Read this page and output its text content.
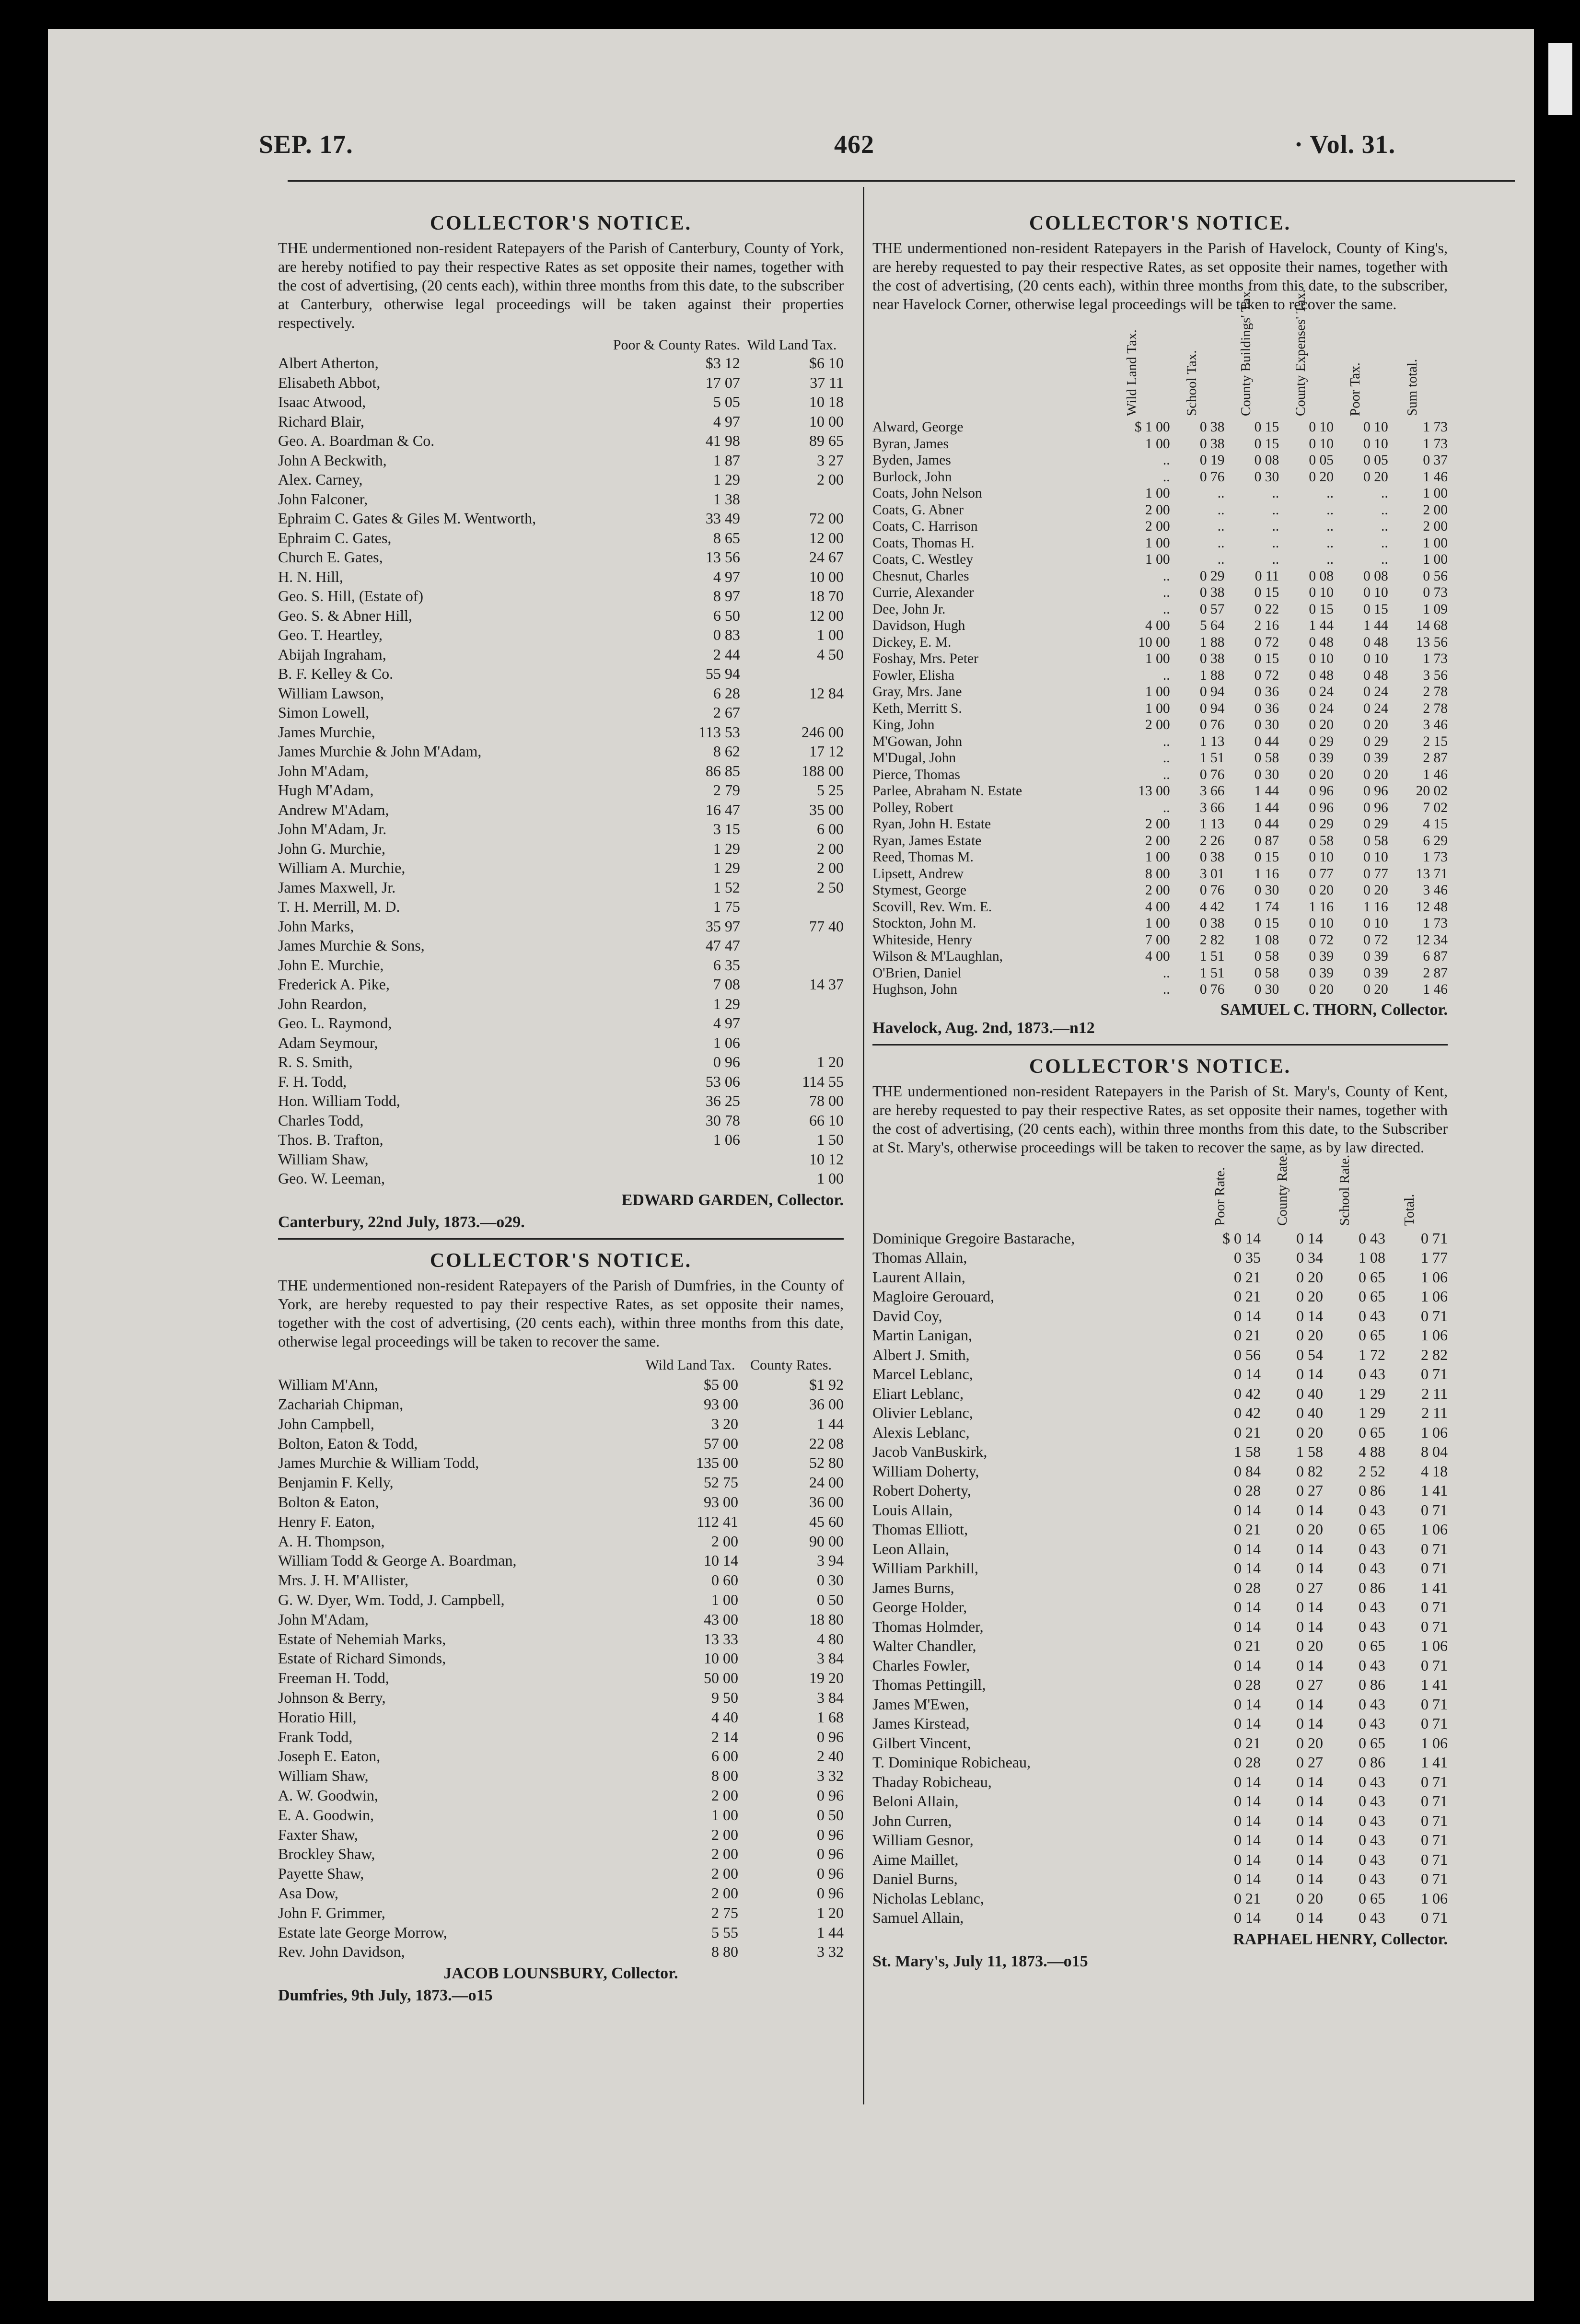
SEP. 17.	462	· Vol. 31.
COLLECTOR'S NOTICE.

THE undermentioned non-resident Ratepayers of the Parish of Canterbury, County of York, are hereby notified to pay their respective Rates as set opposite their names, together with the cost of advertising, (20 cents each), within three months from this date, to the subscriber at Canterbury, otherwise legal proceedings will be taken against their properties respectively.

	Poor & County Rates.	Wild Land Tax.
Albert Atherton,	$3 12	$6 10
Elisabeth Abbot,	17 07	37 11
Isaac Atwood,	5 05	10 18
Richard Blair,	4 97	10 00
Geo. A. Boardman & Co.	41 98	89 65
John A Beckwith,	1 87	3 27
Alex. Carney,	1 29	2 00
John Falconer,	1 38	
Ephraim C. Gates & Giles M. Wentworth,	33 49	72 00
Ephraim C. Gates,	8 65	12 00
Church E. Gates,	13 56	24 67
H. N. Hill,	4 97	10 00
Geo. S. Hill, (Estate of)	8 97	18 70
Geo. S. & Abner Hill,	6 50	12 00
Geo. T. Heartley,	0 83	1 00
Abijah Ingraham,	2 44	4 50
B. F. Kelley & Co.	55 94	
William Lawson,	6 28	12 84
Simon Lowell,	2 67	
James Murchie,	113 53	246 00
James Murchie & John M'Adam,	8 62	17 12
John M'Adam,	86 85	188 00
Hugh M'Adam,	2 79	5 25
Andrew M'Adam,	16 47	35 00
John M'Adam, Jr.	3 15	6 00
John G. Murchie,	1 29	2 00
William A. Murchie,	1 29	2 00
James Maxwell, Jr.	1 52	2 50
T. H. Merrill, M. D.	1 75	
John Marks,	35 97	77 40
James Murchie & Sons,	47 47	
John E. Murchie,	6 35	
Frederick A. Pike,	7 08	14 37
John Reardon,	1 29	
Geo. L. Raymond,	4 97	
Adam Seymour,	1 06	
R. S. Smith,	0 96	1 20
F. H. Todd,	53 06	114 55
Hon. William Todd,	36 25	78 00
Charles Todd,	30 78	66 10
Thos. B. Trafton,	1 06	1 50
William Shaw,		10 12
Geo. W. Leeman,		1 00

EDWARD GARDEN, Collector.

Canterbury, 22nd July, 1873.—o29.

COLLECTOR'S NOTICE.

THE undermentioned non-resident Ratepayers of the Parish of Dumfries, in the County of York, are hereby requested to pay their respective Rates, as set opposite their names, together with the cost of advertising, (20 cents each), within three months from this date, otherwise legal proceedings will be taken to recover the same.

	Wild Land Tax.	County Rates.
William M'Ann,	$5 00	$1 92
Zachariah Chipman,	93 00	36 00
John Campbell,	3 20	1 44
Bolton, Eaton & Todd,	57 00	22 08
James Murchie & William Todd,	135 00	52 80
Benjamin F. Kelly,	52 75	24 00
Bolton & Eaton,	93 00	36 00
Henry F. Eaton,	112 41	45 60
A. H. Thompson,	2 00	90 00
William Todd & George A. Boardman,	10 14	3 94
Mrs. J. H. M'Allister,	0 60	0 30
G. W. Dyer, Wm. Todd, J. Campbell,	1 00	0 50
John M'Adam,	43 00	18 80
Estate of Nehemiah Marks,	13 33	4 80
Estate of Richard Simonds,	10 00	3 84
Freeman H. Todd,	50 00	19 20
Johnson & Berry,	9 50	3 84
Horatio Hill,	4 40	1 68
Frank Todd,	2 14	0 96
Joseph E. Eaton,	6 00	2 40
William Shaw,	8 00	3 32
A. W. Goodwin,	2 00	0 96
E. A. Goodwin,	1 00	0 50
Faxter Shaw,	2 00	0 96
Brockley Shaw,	2 00	0 96
Payette Shaw,	2 00	0 96
Asa Dow,	2 00	0 96
John F. Grimmer,	2 75	1 20
Estate late George Morrow,	5 55	1 44
Rev. John Davidson,	8 80	3 32

JACOB LOUNSBURY, Collector.

Dumfries, 9th July, 1873.—o15

COLLECTOR'S NOTICE.

THE undermentioned non-resident Ratepayers in the Parish of Havelock, County of King's, are hereby requested to pay their respective Rates, as set opposite their names, together with the cost of advertising, (20 cents each), within three months from this date, to the subscriber, near Havelock Corner, otherwise legal proceedings will be taken to recover the same.

	Wild Land Tax.	School Tax.	County Buildings' Tax.	County Expenses' Tax.	Poor Tax.	Sum total.

Alward, George	$ 1 00	0 38	0 15	0 10	0 10	1 73
Byran, James	1 00	0 38	0 15	0 10	0 10	1 73
Byden, James	..	0 19	0 08	0 05	0 05	0 37
Burlock, John	..	0 76	0 30	0 20	0 20	1 46
Coats, John Nelson	1 00	..	..	..	..	1 00
Coats, G. Abner	2 00	..	..	..	..	2 00
Coats, C. Harrison	2 00	..	..	..	..	2 00
Coats, Thomas H.	1 00	..	..	..	..	1 00
Coats, C. Westley	1 00	..	..	..	..	1 00
Chesnut, Charles	..	0 29	0 11	0 08	0 08	0 56
Currie, Alexander	..	0 38	0 15	0 10	0 10	0 73
Dee, John Jr.	..	0 57	0 22	0 15	0 15	1 09
Davidson, Hugh	4 00	5 64	2 16	1 44	1 44	14 68
Dickey, E. M.	10 00	1 88	0 72	0 48	0 48	13 56
Foshay, Mrs. Peter	1 00	0 38	0 15	0 10	0 10	1 73
Fowler, Elisha	..	1 88	0 72	0 48	0 48	3 56
Gray, Mrs. Jane	1 00	0 94	0 36	0 24	0 24	2 78
Keth, Merritt S.	1 00	0 94	0 36	0 24	0 24	2 78
King, John	2 00	0 76	0 30	0 20	0 20	3 46
M'Gowan, John	..	1 13	0 44	0 29	0 29	2 15
M'Dugal, John	..	1 51	0 58	0 39	0 39	2 87
Pierce, Thomas	..	0 76	0 30	0 20	0 20	1 46
Parlee, Abraham N. Estate	13 00	3 66	1 44	0 96	0 96	20 02
Polley, Robert	..	3 66	1 44	0 96	0 96	7 02
Ryan, John H. Estate	2 00	1 13	0 44	0 29	0 29	4 15
Ryan, James Estate	2 00	2 26	0 87	0 58	0 58	6 29
Reed, Thomas M.	1 00	0 38	0 15	0 10	0 10	1 73
Lipsett, Andrew	8 00	3 01	1 16	0 77	0 77	13 71
Stymest, George	2 00	0 76	0 30	0 20	0 20	3 46
Scovill, Rev. Wm. E.	4 00	4 42	1 74	1 16	1 16	12 48
Stockton, John M.	1 00	0 38	0 15	0 10	0 10	1 73
Whiteside, Henry	7 00	2 82	1 08	0 72	0 72	12 34
Wilson & M'Laughlan,	4 00	1 51	0 58	0 39	0 39	6 87
O'Brien, Daniel	..	1 51	0 58	0 39	0 39	2 87
Hughson, John	..	0 76	0 30	0 20	0 20	1 46

SAMUEL C. THORN, Collector.

Havelock, Aug. 2nd, 1873.—n12

COLLECTOR'S NOTICE.

THE undermentioned non-resident Ratepayers in the Parish of St. Mary's, County of Kent, are hereby requested to pay their respective Rates, as set opposite their names, together with the cost of advertising, (20 cents each), within three months from this date, to the Subscriber at St. Mary's, otherwise proceedings will be taken to recover the same, as by law directed.

	Poor Rate.	County Rate.	School Rate.	Total.

Dominique Gregoire Bastarache,	$ 0 14	0 14	0 43	0 71
Thomas Allain,	0 35	0 34	1 08	1 77
Laurent Allain,	0 21	0 20	0 65	1 06
Magloire Gerouard,	0 21	0 20	0 65	1 06
David Coy,	0 14	0 14	0 43	0 71
Martin Lanigan,	0 21	0 20	0 65	1 06
Albert J. Smith,	0 56	0 54	1 72	2 82
Marcel Leblanc,	0 14	0 14	0 43	0 71
Eliart Leblanc,	0 42	0 40	1 29	2 11
Olivier Leblanc,	0 42	0 40	1 29	2 11
Alexis Leblanc,	0 21	0 20	0 65	1 06
Jacob VanBuskirk,	1 58	1 58	4 88	8 04
William Doherty,	0 84	0 82	2 52	4 18
Robert Doherty,	0 28	0 27	0 86	1 41
Louis Allain,	0 14	0 14	0 43	0 71
Thomas Elliott,	0 21	0 20	0 65	1 06
Leon Allain,	0 14	0 14	0 43	0 71
William Parkhill,	0 14	0 14	0 43	0 71
James Burns,	0 28	0 27	0 86	1 41
George Holder,	0 14	0 14	0 43	0 71
Thomas Holmder,	0 14	0 14	0 43	0 71
Walter Chandler,	0 21	0 20	0 65	1 06
Charles Fowler,	0 14	0 14	0 43	0 71
Thomas Pettingill,	0 28	0 27	0 86	1 41
James M'Ewen,	0 14	0 14	0 43	0 71
James Kirstead,	0 14	0 14	0 43	0 71
Gilbert Vincent,	0 21	0 20	0 65	1 06
T. Dominique Robicheau,	0 28	0 27	0 86	1 41
Thaday Robicheau,	0 14	0 14	0 43	0 71
Beloni Allain,	0 14	0 14	0 43	0 71
John Curren,	0 14	0 14	0 43	0 71
William Gesnor,	0 14	0 14	0 43	0 71
Aime Maillet,	0 14	0 14	0 43	0 71
Daniel Burns,	0 14	0 14	0 43	0 71
Nicholas Leblanc,	0 21	0 20	0 65	1 06
Samuel Allain,	0 14	0 14	0 43	0 71

RAPHAEL HENRY, Collector.

St. Mary's, July 11, 1873.—o15
